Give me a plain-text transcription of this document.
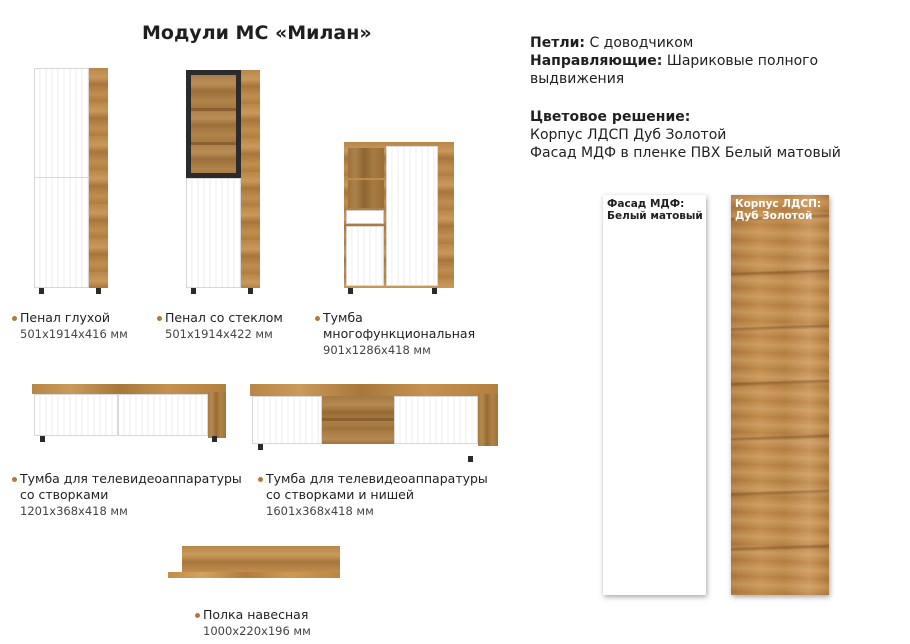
Модули МС «Милан»	Петли: С доводчиком
Направляющие: Шариковые полного
выдвижения
Цветовое решение:
Корпус ЛДСП Дуб Золотой
Фасад МДФ в пленке ПВХ Белый матовый
Фасад МДФ:
Белый матовый
Корпус ЛДСП:
Дуб Золотой
Пенал глухой
501х1914х416 мм
Пенал со стеклом
501х1914х422 мм
Тумба
многофункциональная
901х1286х418 мм
Тумба для телевидеоаппаратуры
со створками
1201х368х418 мм
Тумба для телевидеоаппаратуры
со створками и нишей
1601х368х418 мм
Полка навесная
1000х220х196 мм
